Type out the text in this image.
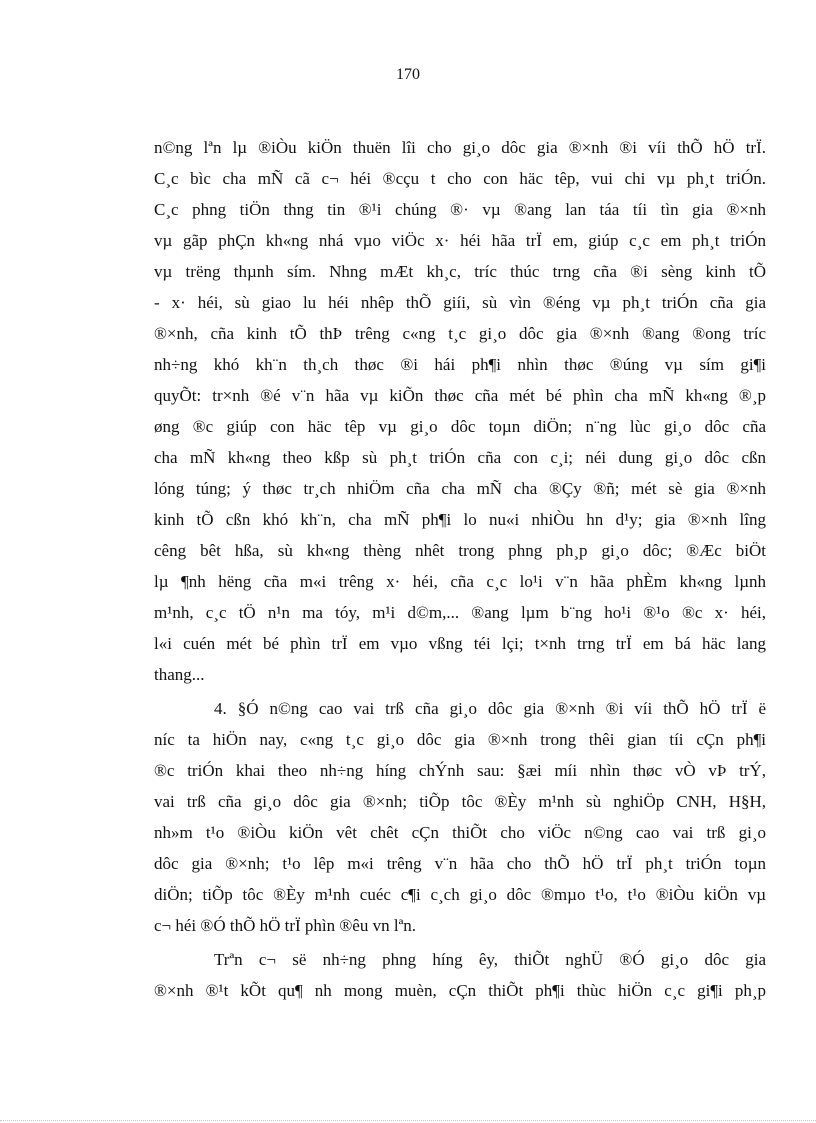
170
n©ng lªn lµ ®iÒu kiÖn thuën lîi cho gi¸o dôc gia ®×nh ®i víi thÕ hÖ trÏ.
C¸c bìc cha mÑ cã c¬ héi ®cçu t cho con häc têp, vui chi vµ ph¸t triÓn.
C¸c phng tiÖn thng tin ®¹i chúng ®· vµ ®ang lan táa tíi tìn gia ®×nh
vµ gãp phÇn kh«ng nhá vµo viÖc x· héi hãa trÏ em, giúp c¸c em ph¸t triÓn
vµ trëng thµnh sím. Nhng mÆt kh¸c, tríc thúc trng cña ®i sèng kinh tÕ
- x· héi, sù giao lu héi nhêp thÕ giíi, sù vìn ®éng vµ ph¸t triÓn cña gia
®×nh, cña kinh tÕ thÞ trêng c«ng t¸c gi¸o dôc gia ®×nh ®ang ®ong tríc
nh÷ng khó kh¨n th¸ch thøc ®i hái ph¶i nhìn thøc ®úng vµ sím gi¶i
quyÕt: tr×nh ®é v¨n hãa vµ kiÕn thøc cña mét bé phìn cha mÑ kh«ng ®¸p
øng ®c giúp con häc têp vµ gi¸o dôc toµn diÖn; n¨ng lùc gi¸o dôc cña
cha mÑ kh«ng theo kßp sù ph¸t triÓn cña con c¸i; néi dung gi¸o dôc cßn
lóng túng; ý thøc tr¸ch nhiÖm cña cha mÑ cha ®Çy ®ñ; mét sè gia ®×nh
kinh tÕ cßn khó kh¨n, cha mÑ ph¶i lo nu«i nhiÒu hn d¹y; gia ®×nh lîng
cêng bêt hßa, sù kh«ng thèng nhêt trong phng ph¸p gi¸o dôc; ®Æc biÖt
lµ ¶nh hëng cña m«i trêng x· héi, cña c¸c lo¹i v¨n hãa phÈm kh«ng lµnh
m¹nh, c¸c tÖ n¹n ma tóy, m¹i d©m,... ®ang lµm b¨ng ho¹i ®¹o ®c x· héi,
l«i cuén mét bé phìn trÏ em vµo vßng téi lçi; t×nh trng trÏ em bá häc lang
thang...
4. §Ó n©ng cao vai trß cña gi¸o dôc gia ®×nh ®i víi thÕ hÖ trÏ ë
níc ta hiÖn nay, c«ng t¸c gi¸o dôc gia ®×nh trong thêi gian tíi cÇn ph¶i
®c triÓn khai theo nh÷ng híng chÝnh sau: §æi míi nhìn thøc vÒ vÞ trÝ,
vai trß cña gi¸o dôc gia ®×nh; tiÕp tôc ®Èy m¹nh sù nghiÖp CNH, H§H,
nh»m t¹o ®iÒu kiÖn vêt chêt cÇn thiÕt cho viÖc n©ng cao vai trß gi¸o
dôc gia ®×nh; t¹o lêp m«i trêng v¨n hãa cho thÕ hÖ trÏ ph¸t triÓn toµn
diÖn; tiÕp tôc ®Èy m¹nh cuéc c¶i c¸ch gi¸o dôc ®mµo t¹o, t¹o ®iÒu kiÖn vµ
c¬ héi ®Ó thÕ hÖ trÏ phìn ®êu vn lªn.
Trªn c¬ së nh÷ng phng híng êy, thiÕt nghÜ ®Ó gi¸o dôc gia
®×nh ®¹t kÕt qu¶ nh mong muèn, cÇn thiÕt ph¶i thùc hiÖn c¸c gi¶i ph¸p
